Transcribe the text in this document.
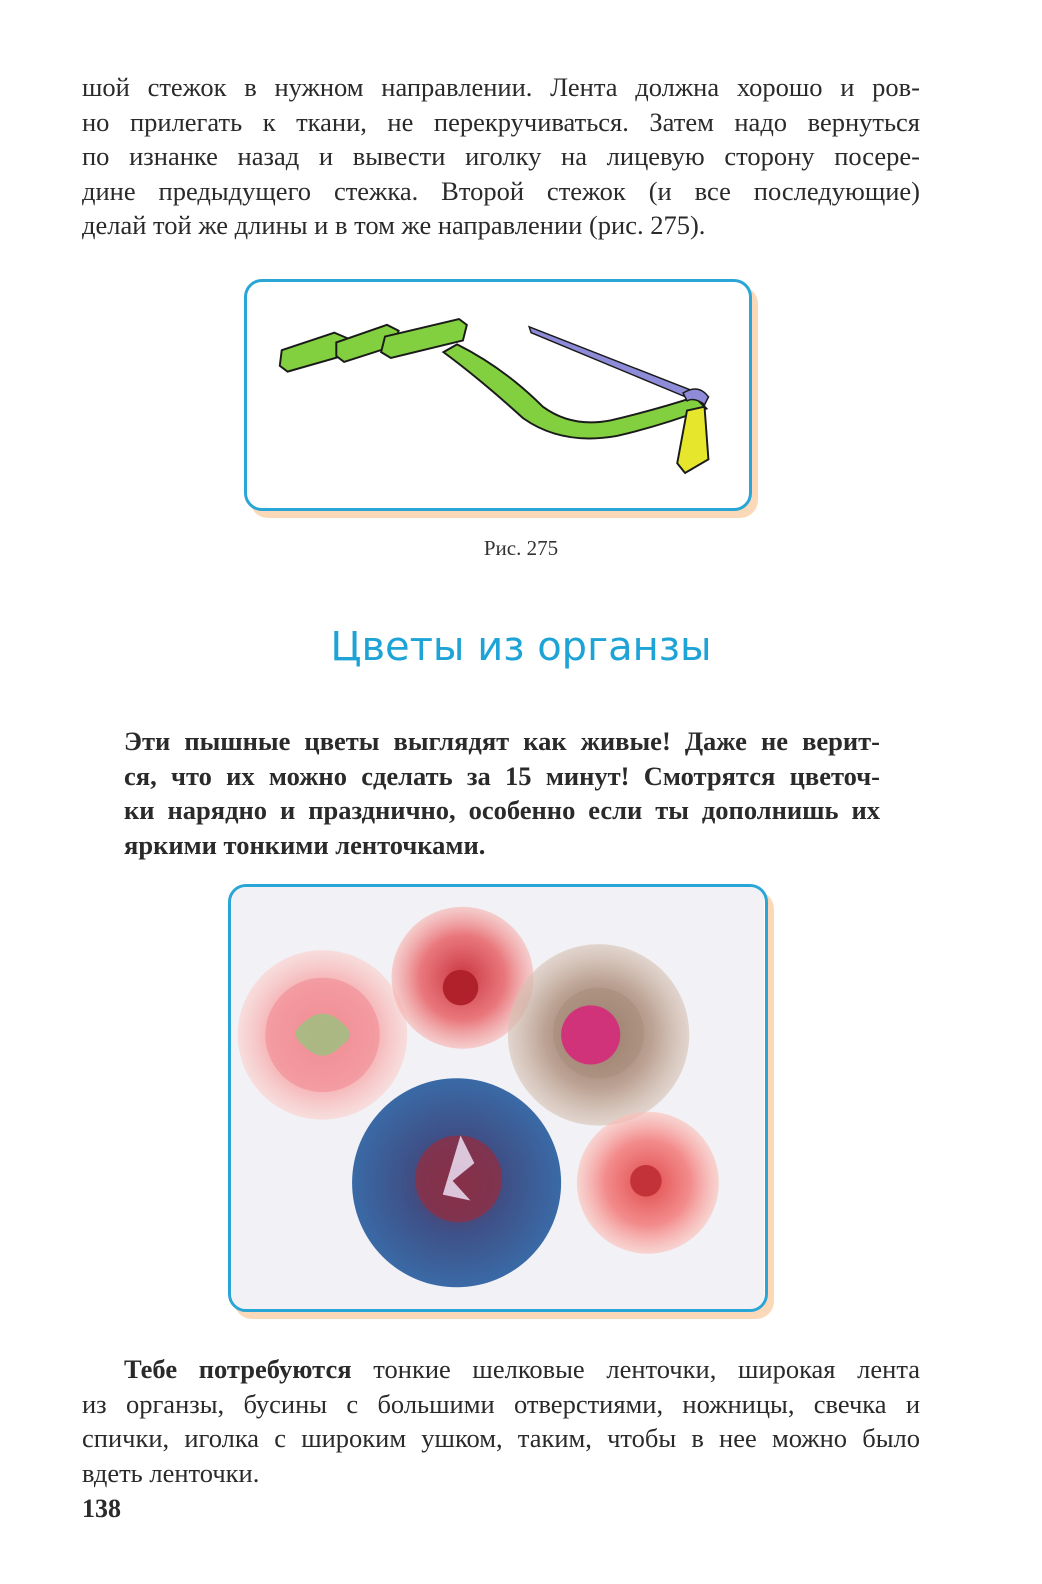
шой стежок в нужном направлении. Лента должна хорошо и ров-
но прилегать к ткани, не перекручиваться. Затем надо вернуться
по изнанке назад и вывести иголку на лицевую сторону посере-
дине предыдущего стежка. Второй стежок (и все последующие)
делай той же длины и в том же направлении (рис. 275).
Рис. 275
Цветы из органзы
Эти пышные цветы выглядят как живые! Даже не верит-
ся, что их можно сделать за 15 минут! Смотрятся цветоч-
ки нарядно и празднично, особенно если ты дополнишь их
яркими тонкими ленточками.
Тебе потребуются тонкие шелковые ленточки, широкая лента
из органзы, бусины с большими отверстиями, ножницы, свечка и
спички, иголка с широким ушком, таким, чтобы в нее можно было
вдеть ленточки.
138
